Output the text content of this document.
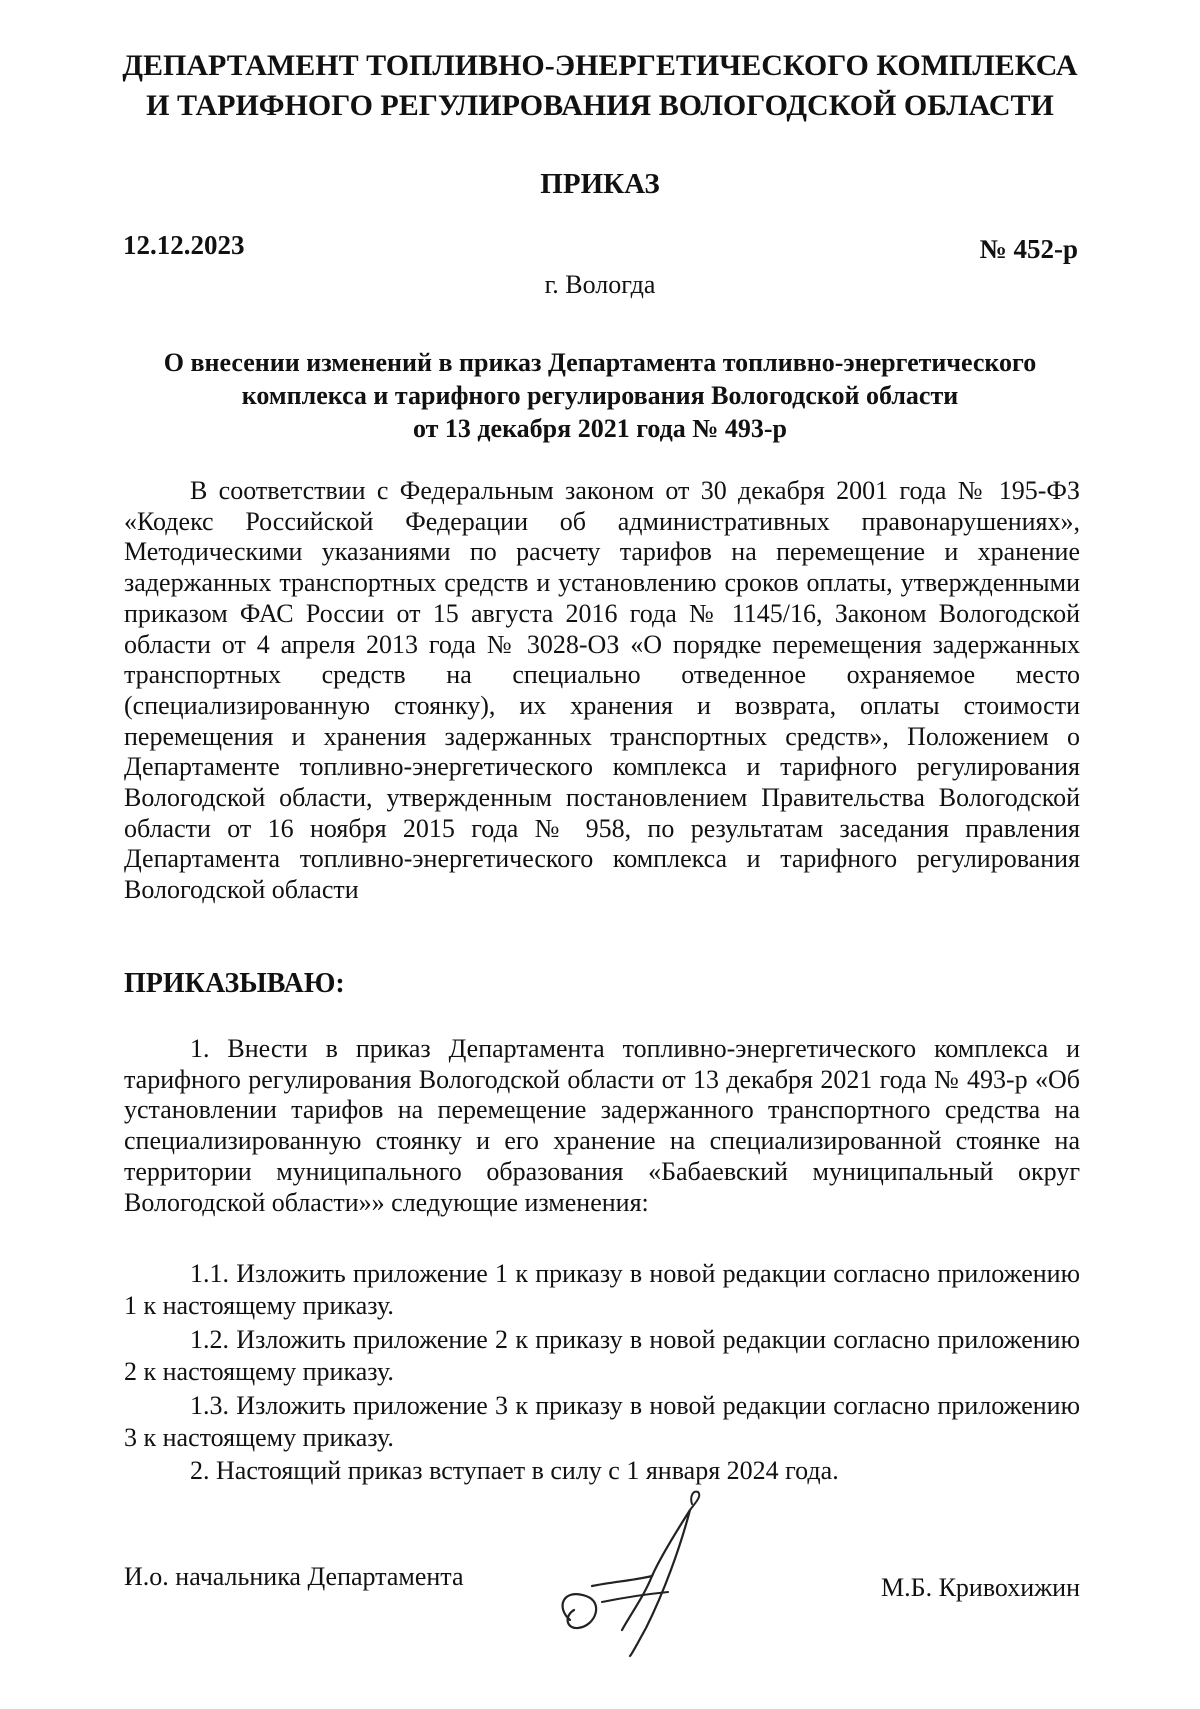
ДЕПАРТАМЕНТ ТОПЛИВНО-ЭНЕРГЕТИЧЕСКОГО КОМПЛЕКСА
И ТАРИФНОГО РЕГУЛИРОВАНИЯ ВОЛОГОДСКОЙ ОБЛАСТИ
ПРИКАЗ
12.12.2023	№ 452-р
г. Вологда
О внесении изменений в приказ Департамента топливно-энергетического
комплекса и тарифного регулирования Вологодской области
от 13 декабря 2021 года № 493-р
В соответствии с Федеральным законом от 30 декабря 2001 года № 195-ФЗ «Кодекс Российской Федерации об административных правонарушениях», Методическими указаниями по расчету тарифов на перемещение и хранение задержанных транспортных средств и установлению сроков оплаты, утвержденными приказом ФАС России от 15 августа 2016 года № 1145/16, Законом Вологодской области от 4 апреля 2013 года № 3028-ОЗ «О порядке перемещения задержанных транспортных средств на специально отведенное охраняемое место (специализированную стоянку), их хранения и возврата, оплаты стоимости перемещения и хранения задержанных транспортных средств», Положением о Департаменте топливно-энергетического комплекса и тарифного регулирования Вологодской области, утвержденным постановлением Правительства Вологодской области от 16 ноября 2015 года № 958, по результатам заседания правления Департамента топливно-энергетического комплекса и тарифного регулирования Вологодской области
ПРИКАЗЫВАЮ:
1. Внести в приказ Департамента топливно-энергетического комплекса и тарифного регулирования Вологодской области от 13 декабря 2021 года № 493-р «Об установлении тарифов на перемещение задержанного транспортного средства на специализированную стоянку и его хранение на специализированной стоянке на территории муниципального образования «Бабаевский муниципальный округ Вологодской области»» следующие изменения:
1.1. Изложить приложение 1 к приказу в новой редакции согласно приложению 1 к настоящему приказу.
1.2. Изложить приложение 2 к приказу в новой редакции согласно приложению 2 к настоящему приказу.
1.3. Изложить приложение 3 к приказу в новой редакции согласно приложению 3 к настоящему приказу.
2. Настоящий приказ вступает в силу с 1 января 2024 года.
И.о. начальника Департамента	М.Б. Кривохижин
